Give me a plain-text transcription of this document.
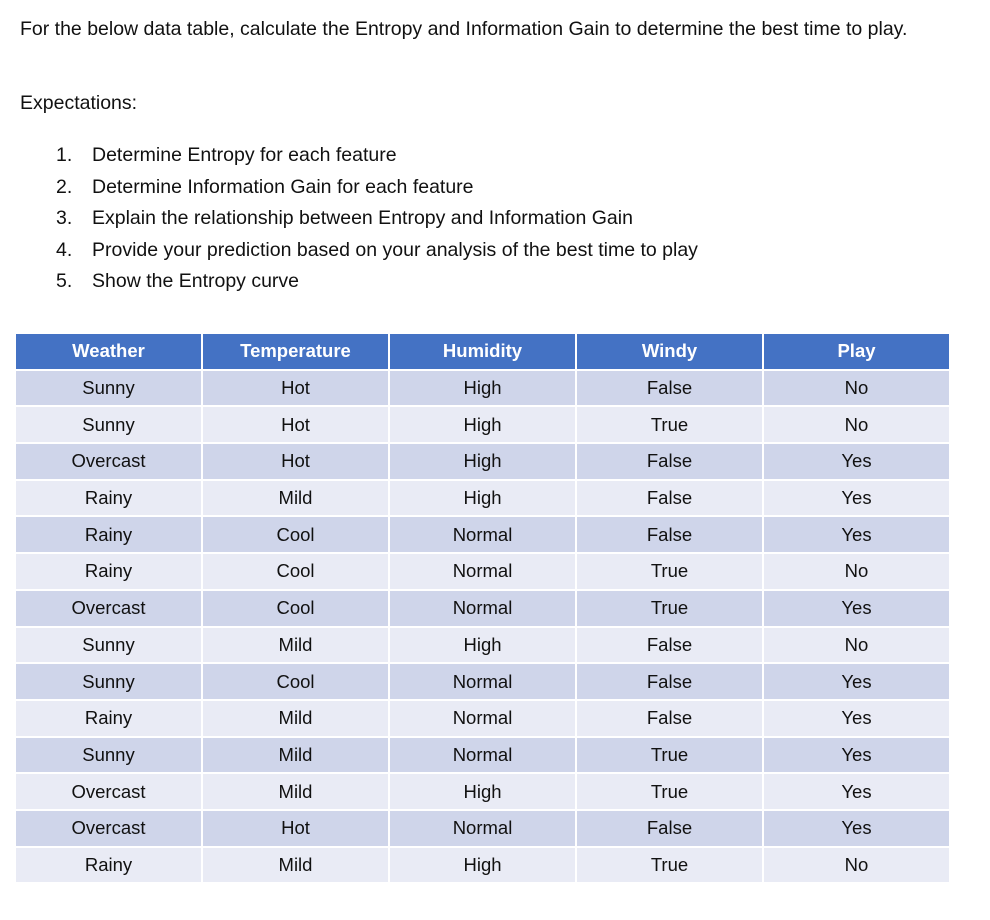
For the below data table, calculate the Entropy and Information Gain to determine the best time to play.

Expectations:

1. Determine Entropy for each feature
2. Determine Information Gain for each feature
3. Explain the relationship between Entropy and Information Gain
4. Provide your prediction based on your analysis of the best time to play
5. Show the Entropy curve
Weather	Temperature	Humidity	Windy	Play
Sunny	Hot	High	False	No
Sunny	Hot	High	True	No
Overcast	Hot	High	False	Yes
Rainy	Mild	High	False	Yes
Rainy	Cool	Normal	False	Yes
Rainy	Cool	Normal	True	No
Overcast	Cool	Normal	True	Yes
Sunny	Mild	High	False	No
Sunny	Cool	Normal	False	Yes
Rainy	Mild	Normal	False	Yes
Sunny	Mild	Normal	True	Yes
Overcast	Mild	High	True	Yes
Overcast	Hot	Normal	False	Yes
Rainy	Mild	High	True	No
